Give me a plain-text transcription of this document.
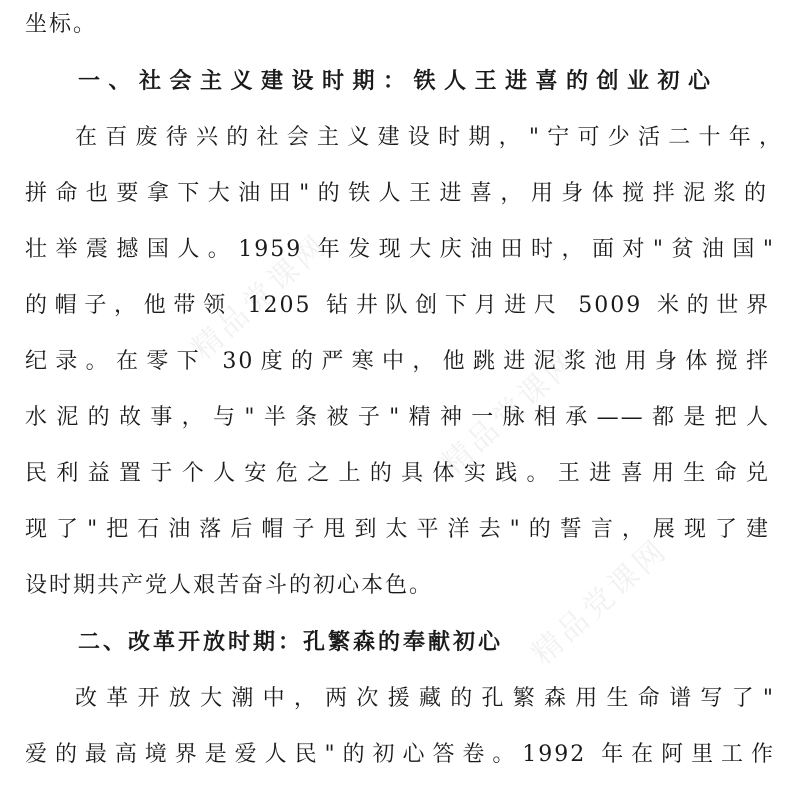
精品党课网
精品党课网
精品党课网
坐标。
一、社会主义建设时期：铁人王进喜的创业初心
在百废待兴的社会主义建设时期，"宁可少活二十年，
拼命也要拿下大油田"的铁人王进喜，用身体搅拌泥浆的
壮举震撼国人。1959 年发现大庆油田时，面对"贫油国"
的帽子，他带领 1205 钻井队创下月进尺 5009 米的世界
纪录。在零下 30度的严寒中，他跳进泥浆池用身体搅拌
水泥的故事，与"半条被子"精神一脉相承——都是把人
民利益置于个人安危之上的具体实践。王进喜用生命兑
现了"把石油落后帽子甩到太平洋去"的誓言，展现了建
设时期共产党人艰苦奋斗的初心本色。
二、改革开放时期：孔繁森的奉献初心
改革开放大潮中，两次援藏的孔繁森用生命谱写了"
爱的最高境界是爱人民"的初心答卷。1992 年在阿里工作
